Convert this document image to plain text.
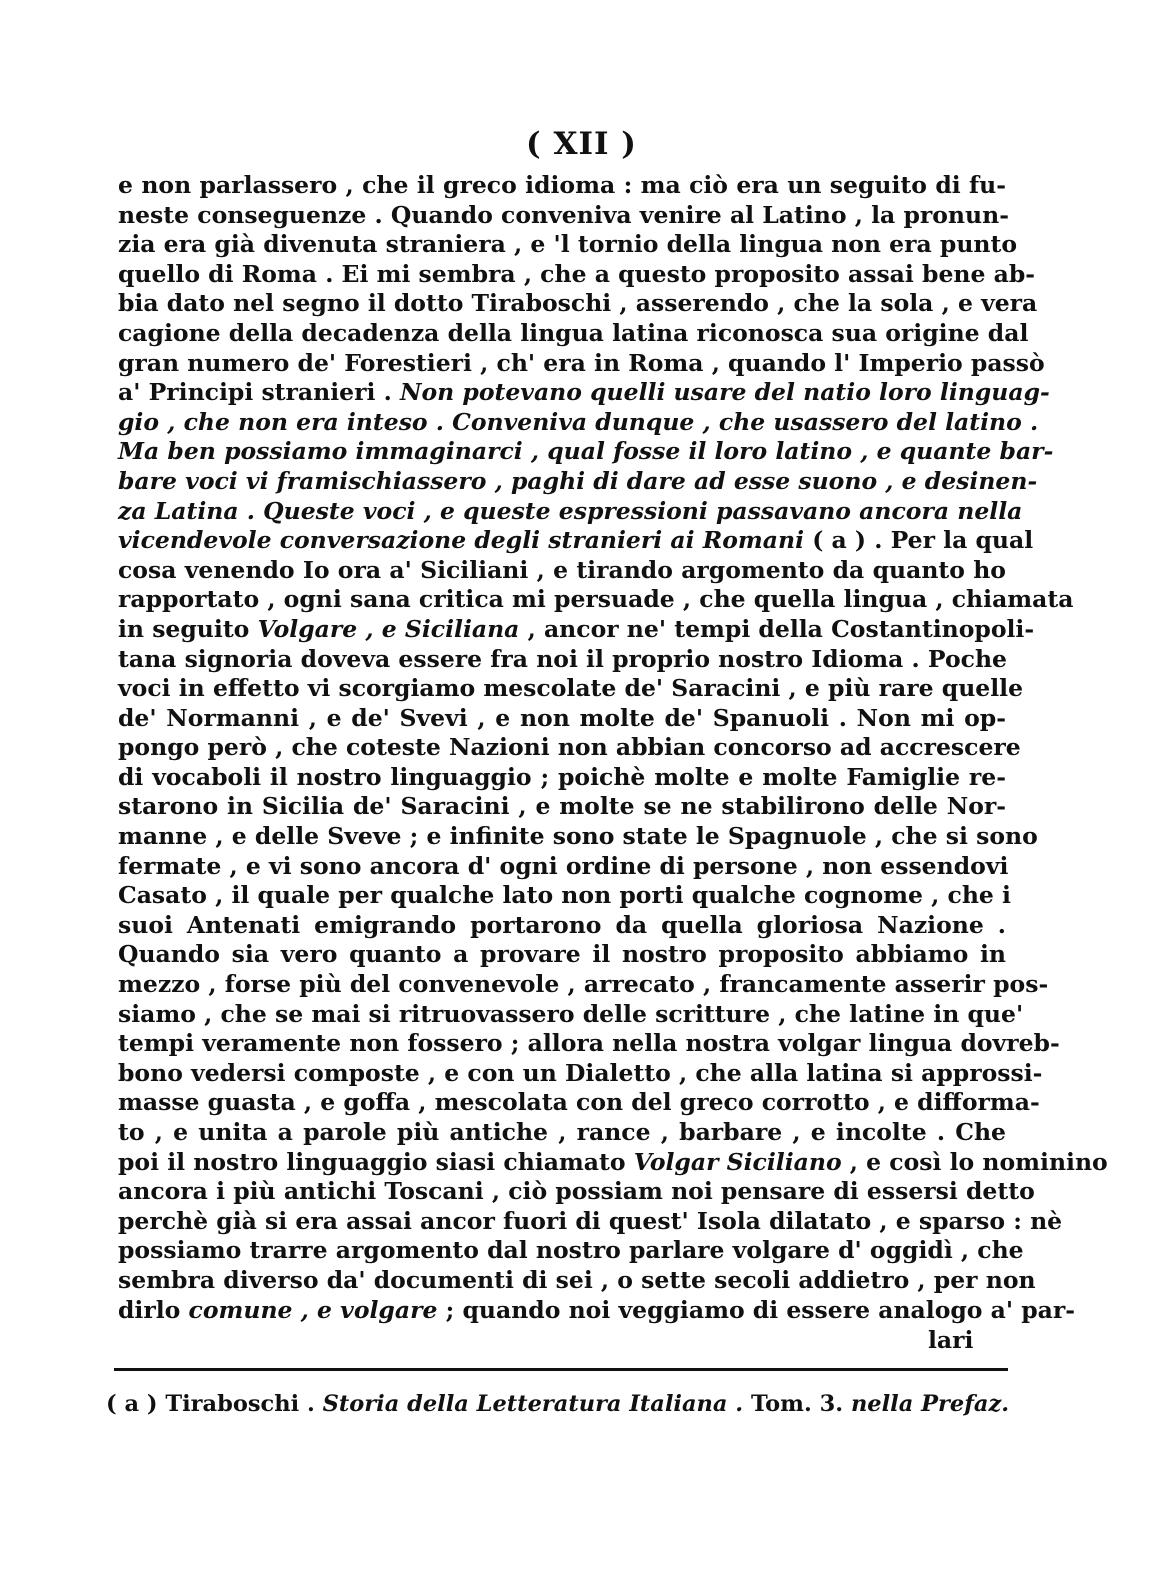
( XII )
e non parlassero , che il greco idioma : ma ciò era un seguito di fu-
neste conseguenze . Quando conveniva venire al Latino , la pronun-
zia era già divenuta straniera , e 'l tornio della lingua non era punto
quello di Roma . Ei mi sembra , che a questo proposito assai bene ab-
bia dato nel segno il dotto Tiraboschi , asserendo , che la sola , e vera
cagione della decadenza della lingua latina riconosca sua origine dal
gran numero de' Forestieri , ch' era in Roma , quando l' Imperio passò
a' Principi stranieri . Non potevano quelli usare del natio loro linguag-
gio , che non era inteso . Conveniva dunque , che usassero del latino .
Ma ben possiamo immaginarci , qual fosse il loro latino , e quante bar-
bare voci vi framischiassero , paghi di dare ad esse suono , e desinen-
za Latina . Queste voci , e queste espressioni passavano ancora nella
vicendevole conversazione degli stranieri ai Romani ( a ) . Per la qual
cosa venendo Io ora a' Siciliani , e tirando argomento da quanto ho
rapportato , ogni sana critica mi persuade , che quella lingua , chiamata
in seguito Volgare , e Siciliana , ancor ne' tempi della Costantinopoli-
tana signoria doveva essere fra noi il proprio nostro Idioma . Poche
voci in effetto vi scorgiamo mescolate de' Saracini , e più rare quelle
de' Normanni , e de' Svevi , e non molte de' Spanuoli . Non mi op-
pongo però , che coteste Nazioni non abbian concorso ad accrescere
di vocaboli il nostro linguaggio ; poichè molte e molte Famiglie re-
starono in Sicilia de' Saracini , e molte se ne stabilirono delle Nor-
manne , e delle Sveve ; e infinite sono state le Spagnuole , che si sono
fermate , e vi sono ancora d' ogni ordine di persone , non essendovi
Casato , il quale per qualche lato non porti qualche cognome , che i
suoi Antenati emigrando portarono da quella gloriosa Nazione .
Quando sia vero quanto a provare il nostro proposito abbiamo in
mezzo , forse più del convenevole , arrecato , francamente asserir pos-
siamo , che se mai si ritruovassero delle scritture , che latine in que'
tempi veramente non fossero ; allora nella nostra volgar lingua dovreb-
bono vedersi composte , e con un Dialetto , che alla latina si approssi-
masse guasta , e goffa , mescolata con del greco corrotto , e difforma-
to , e unita a parole più antiche , rance , barbare , e incolte . Che
poi il nostro linguaggio siasi chiamato Volgar Siciliano , e così lo nominino
ancora i più antichi Toscani , ciò possiam noi pensare di essersi detto
perchè già si era assai ancor fuori di quest' Isola dilatato , e sparso : nè
possiamo trarre argomento dal nostro parlare volgare d' oggidì , che
sembra diverso da' documenti di sei , o sette secoli addietro , per non
dirlo comune , e volgare ; quando noi veggiamo di essere analogo a' par-
lari
( a ) Tiraboschi . Storia della Letteratura Italiana . Tom. 3. nella Prefaz.
